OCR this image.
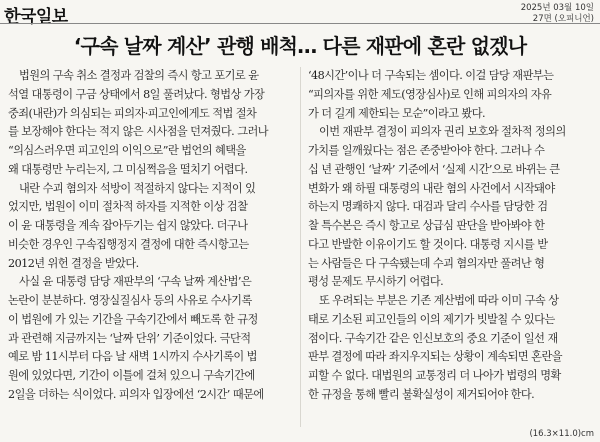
한국일보	2025년 03월 10일
27면 (오피니언)
‘구속 날짜 계산’ 관행 배척… 다른 재판에 혼란 없겠나
법원의 구속 취소 결정과 검찰의 즉시 항고 포기로 윤
석열 대통령이 구금 상태에서 8일 풀려났다. 형법상 가장
중죄(내란)가 의심되는 피의자·피고인에게도 적법 절차
를 보장해야 한다는 적지 않은 시사점을 던져줬다. 그러나
“의심스러우면 피고인의 이익으로”란 법언의 혜택을
왜 대통령만 누리는지, 그 미심쩍음을 떨치기 어렵다.
내란 수괴 혐의자 석방이 적절하지 않다는 지적이 있
었지만, 법원이 이미 절차적 하자를 지적한 이상 검찰
이 윤 대통령을 계속 잡아두기는 쉽지 않았다. 더구나
비슷한 경우인 구속집행정지 결정에 대한 즉시항고는
2012년 위헌 결정을 받았다.
사실 윤 대통령 담당 재판부의 ‘구속 날짜 계산법’은
논란이 분분하다. 영장실질심사 등의 사유로 수사기록
이 법원에 가 있는 기간을 구속기간에서 빼도록 한 규정
과 관련해 지금까지는 ‘날짜 단위’ 기준이었다. 극단적
예로 밤 11시부터 다음 날 새벽 1시까지 수사기록이 법
원에 있었다면, 기간이 이틀에 걸쳐 있으니 구속기간에
2일을 더하는 식이었다. 피의자 입장에선 ‘2시간’ 때문에
‘48시간’이나 더 구속되는 셈이다. 이걸 담당 재판부는
“피의자를 위한 제도(영장심사)로 인해 피의자의 자유
가 더 길게 제한되는 모순”이라고 봤다.
이번 재판부 결정이 피의자 권리 보호와 절차적 정의의
가치를 일깨웠다는 점은 존중받아야 한다. 그러나 수
십 년 관행인 ‘날짜’ 기준에서 ‘실제 시간’으로 바뀌는 큰
변화가 왜 하필 대통령의 내란 혐의 사건에서 시작돼야
하는지 명쾌하지 않다. 대검과 달리 수사를 담당한 검
찰 특수본은 즉시 항고로 상급심 판단을 받아봐야 한
다고 반발한 이유이기도 할 것이다. 대통령 지시를 받
는 사람들은 다 구속됐는데 수괴 혐의자만 풀려난 형
평성 문제도 무시하기 어렵다.
또 우려되는 부분은 기존 계산법에 따라 이미 구속 상
태로 기소된 피고인들의 이의 제기가 빗발칠 수 있다는
점이다. 구속기간 같은 인신보호의 중요 기준이 일선 재
판부 결정에 따라 좌지우지되는 상황이 계속되면 혼란을
피할 수 없다. 대법원의 교통정리 더 나아가 법령의 명확
한 규정을 통해 빨리 불확실성이 제거되어야 한다.
(16.3×11.0)cm
